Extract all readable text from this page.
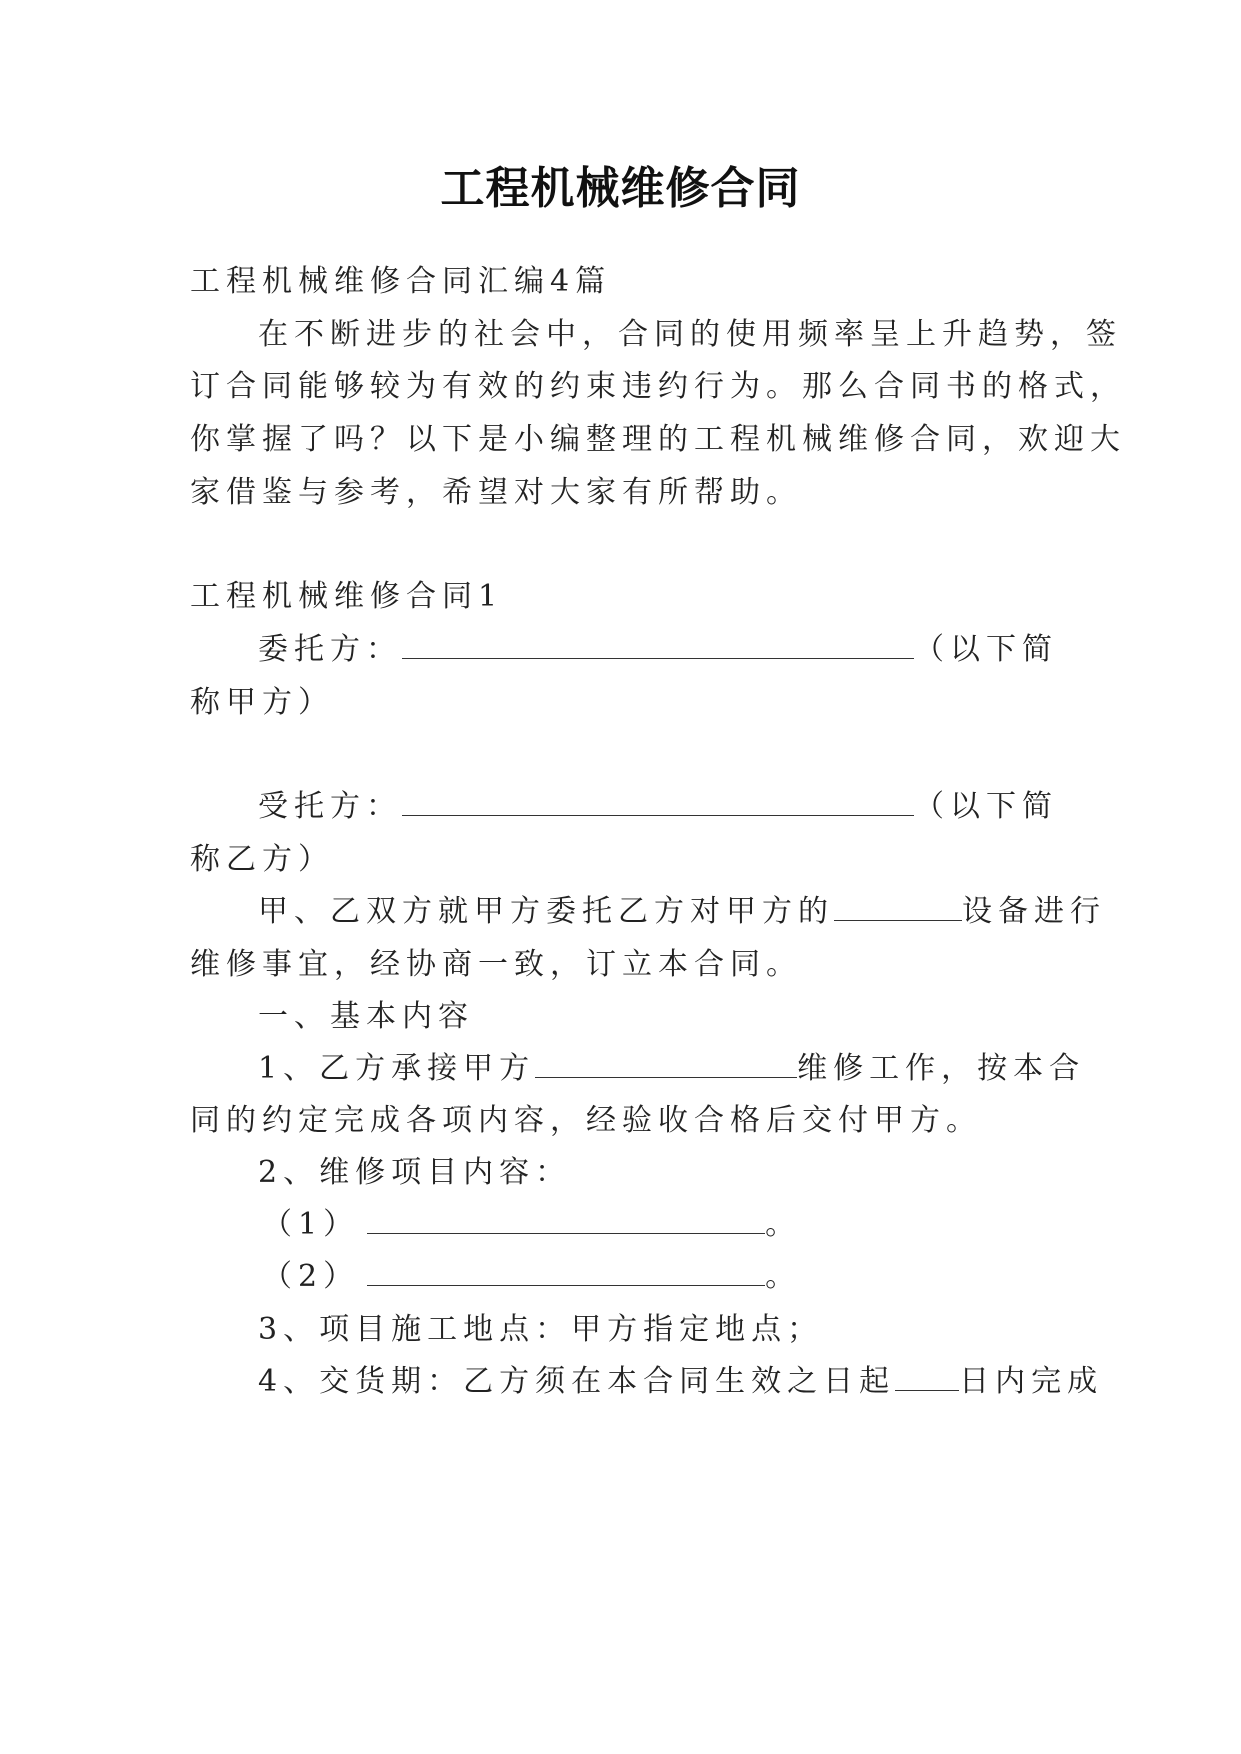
工程机械维修合同
工程机械维修合同汇编4篇
在不断进步的社会中，合同的使用频率呈上升趋势，签
订合同能够较为有效的约束违约行为。那么合同书的格式，
你掌握了吗？以下是小编整理的工程机械维修合同，欢迎大
家借鉴与参考，希望对大家有所帮助。
工程机械维修合同1
委托方：	（以下简
称甲方）
受托方：	（以下简
称乙方）
甲、乙双方就甲方委托乙方对甲方的	设备进行
维修事宜，经协商一致，订立本合同。
一、基本内容
1、乙方承接甲方	维修工作，按本合
同的约定完成各项内容，经验收合格后交付甲方。
2、维修项目内容：
（1）	。
（2）	。
3、项目施工地点：甲方指定地点；
4、交货期：乙方须在本合同生效之日起 日内完成
